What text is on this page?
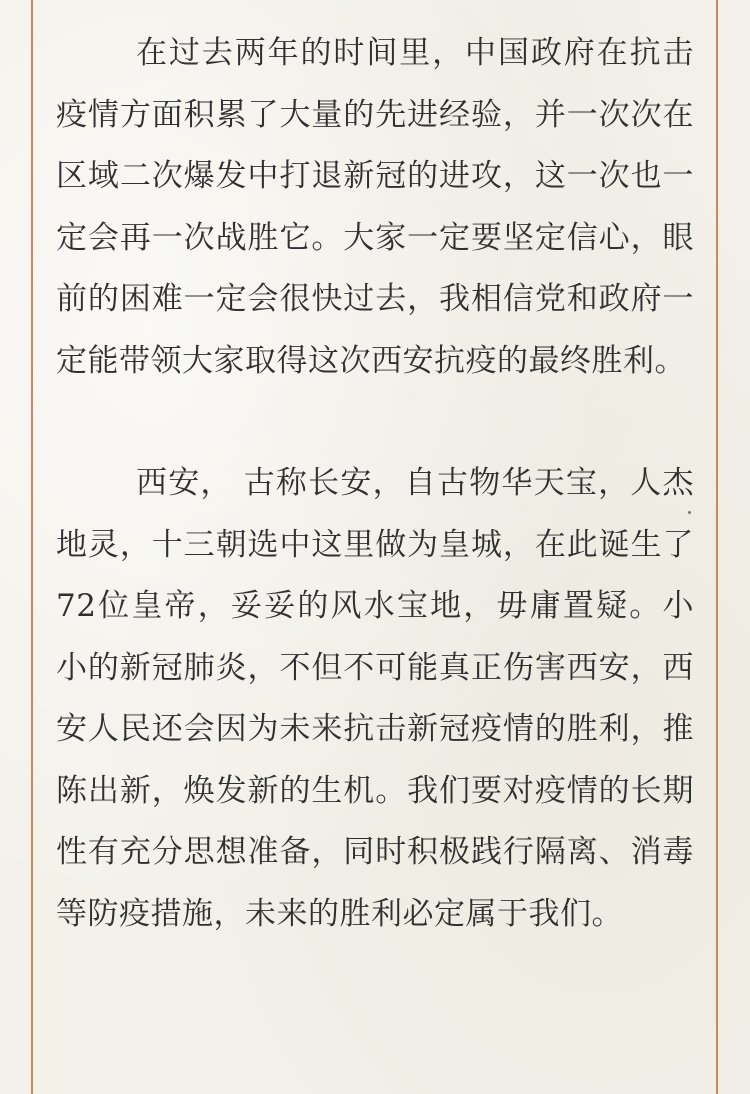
在过去两年的时间里，中国政府在抗击疫情方面积累了大量的先进经验，并一次次在区域二次爆发中打退新冠的进攻，这一次也一定会再一次战胜它。大家一定要坚定信心，眼前的困难一定会很快过去，我相信党和政府一定能带领大家取得这次西安抗疫的最终胜利。

西安， 古称长安，自古物华天宝，人杰地灵，十三朝选中这里做为皇城，在此诞生了72位皇帝，妥妥的风水宝地，毋庸置疑。小小的新冠肺炎，不但不可能真正伤害西安，西安人民还会因为未来抗击新冠疫情的胜利，推陈出新，焕发新的生机。我们要对疫情的长期性有充分思想准备，同时积极践行隔离、消毒等防疫措施，未来的胜利必定属于我们。
